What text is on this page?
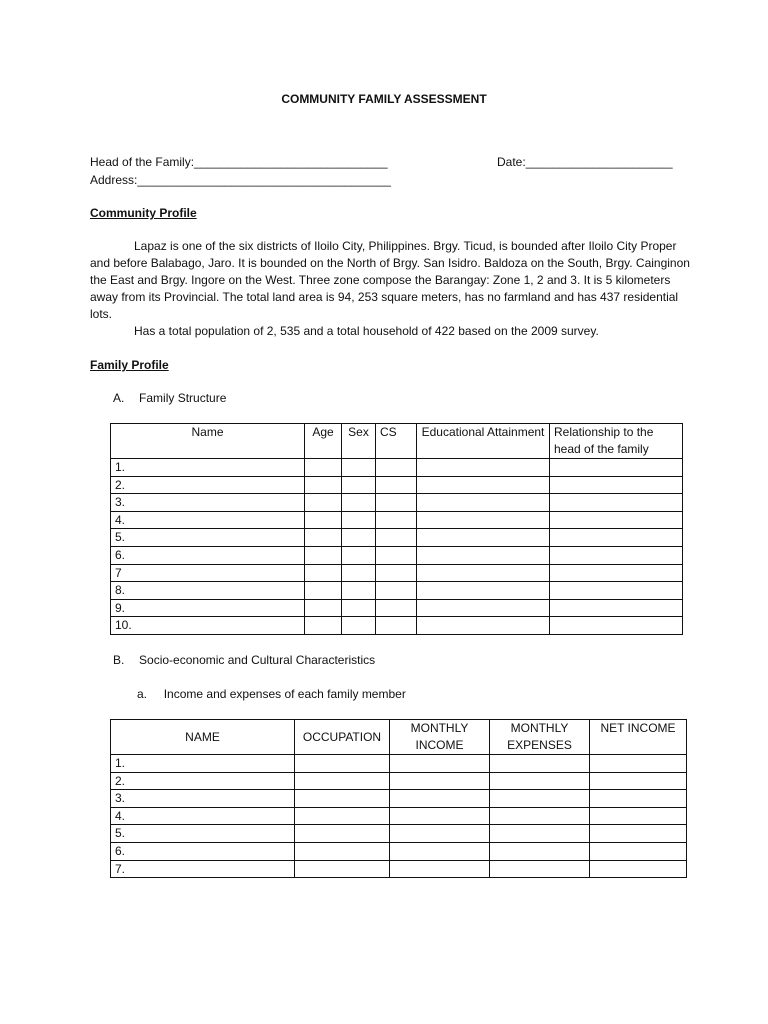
COMMUNITY FAMILY ASSESSMENT
Head of the Family:_____________________________	Date:______________________
Address:______________________________________
Community Profile
Lapaz is one of the six districts of Iloilo City, Philippines. Brgy. Ticud, is bounded after Iloilo City Proper and before Balabago, Jaro. It is bounded on the North of Brgy. San Isidro. Baldoza on the South, Brgy. Cainginon the East and Brgy. Ingore on the West. Three zone compose the Barangay: Zone 1, 2 and 3. It is 5 kilometers away from its Provincial. The total land area is 94, 253 square meters, has no farmland and has 437 residential lots.
Has a total population of 2, 535 and a total household of 422 based on the 2009 survey.
Family Profile
A. Family Structure
Name	Age	Sex	CS	Educational Attainment	Relationship to the head of the family
1.					
2.					
3.					
4.					
5.					
6.					
7					
8.					
9.					
10.					
B. Socio-economic and Cultural Characteristics
a. Income and expenses of each family member
NAME	OCCUPATION	MONTHLY INCOME	MONTHLY EXPENSES	NET INCOME
1.				
2.				
3.				
4.				
5.				
6.				
7.				
